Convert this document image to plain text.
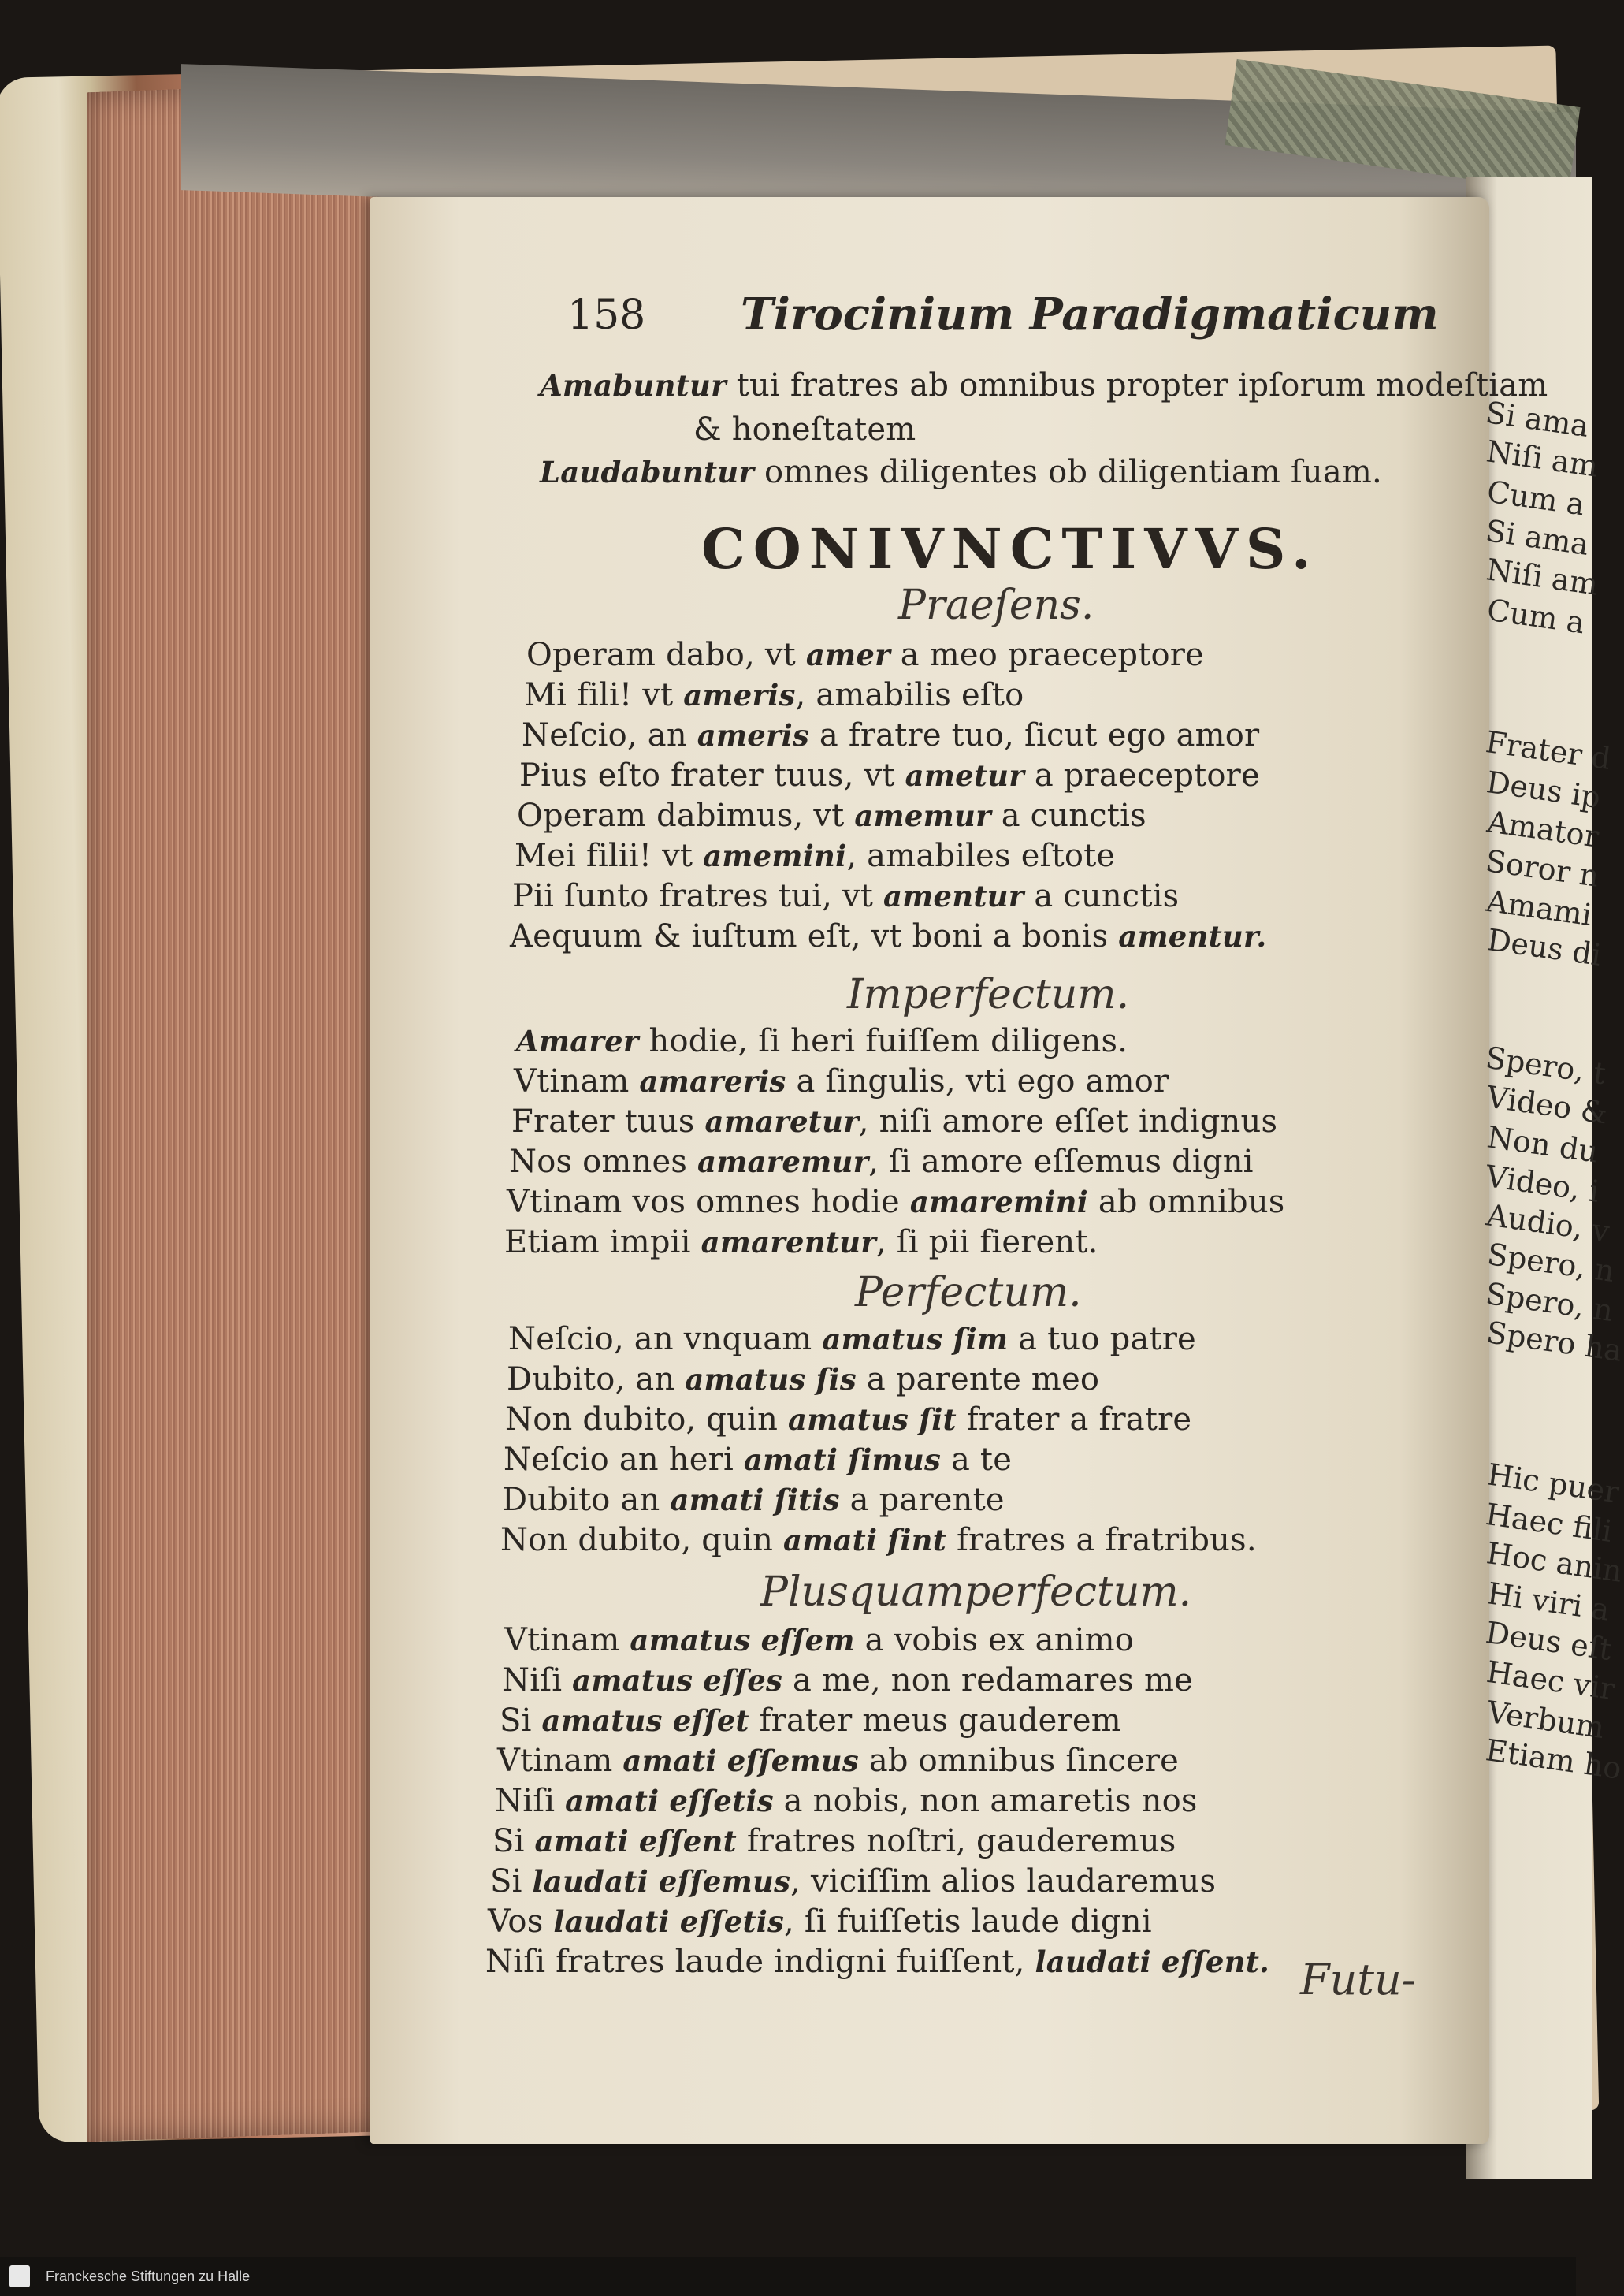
158 Tirocinium Paradigmaticum
Amabuntur tui fratres ab omnibus propter ipſorum modeſtiam
& honeſtatem
Laudabuntur omnes diligentes ob diligentiam ſuam.
CONIVNCTIVVS.
Praeſens.
Operam dabo, vt amer a meo praeceptore
Mi fili! vt ameris, amabilis eſto
Neſcio, an ameris a fratre tuo, ſicut ego amor
Pius eſto frater tuus, vt ametur a praeceptore
Operam dabimus, vt amemur a cunctis
Mei filii! vt amemini, amabiles eſtote
Pii ſunto fratres tui, vt amentur a cunctis
Aequum & iuſtum eſt, vt boni a bonis amentur.
Imperfectum.
Amarer hodie, ſi heri fuiſſem diligens.
Vtinam amareris a ſingulis, vti ego amor
Frater tuus amaretur, niſi amore eſſet indignus
Nos omnes amaremur, ſi amore eſſemus digni
Vtinam vos omnes hodie amaremini ab omnibus
Etiam impii amarentur, ſi pii fierent.
Perfectum.
Neſcio, an vnquam amatus ſim a tuo patre
Dubito, an amatus ſis a parente meo
Non dubito, quin amatus ſit frater a fratre
Neſcio an heri amati ſimus a te
Dubito an amati ſitis a parente
Non dubito, quin amati ſint fratres a fratribus.
Plusquamperfectum.
Vtinam amatus eſſem a vobis ex animo
Niſi amatus eſſes a me, non redamares me
Si amatus eſſet frater meus gauderem
Vtinam amati eſſemus ab omnibus ſincere
Niſi amati eſſetis a nobis, non amaretis nos
Si amati eſſent fratres noſtri, gauderemus
Si laudati eſſemus, viciſſim alios laudaremus
Vos laudati eſſetis, ſi fuiſſetis laude digni
Niſi fratres laude indigni fuiſſent, laudati eſſent. Futu-
Si ama
Niſi am
Cum a
Si ama
Niſi am
Cum a
Frater d
Deus ip
Amator
Soror n
Amami
Deus di
Spero, t
Video &
Non du
Video, i
Audio, v
Spero, n
Spero, n
Spero ha
Hic puer
Haec fili
Hoc anin
Hi viri a
Deus eſt
Haec vir
Verbum
Etiam ho
Franckesche Stiftungen zu Halle
